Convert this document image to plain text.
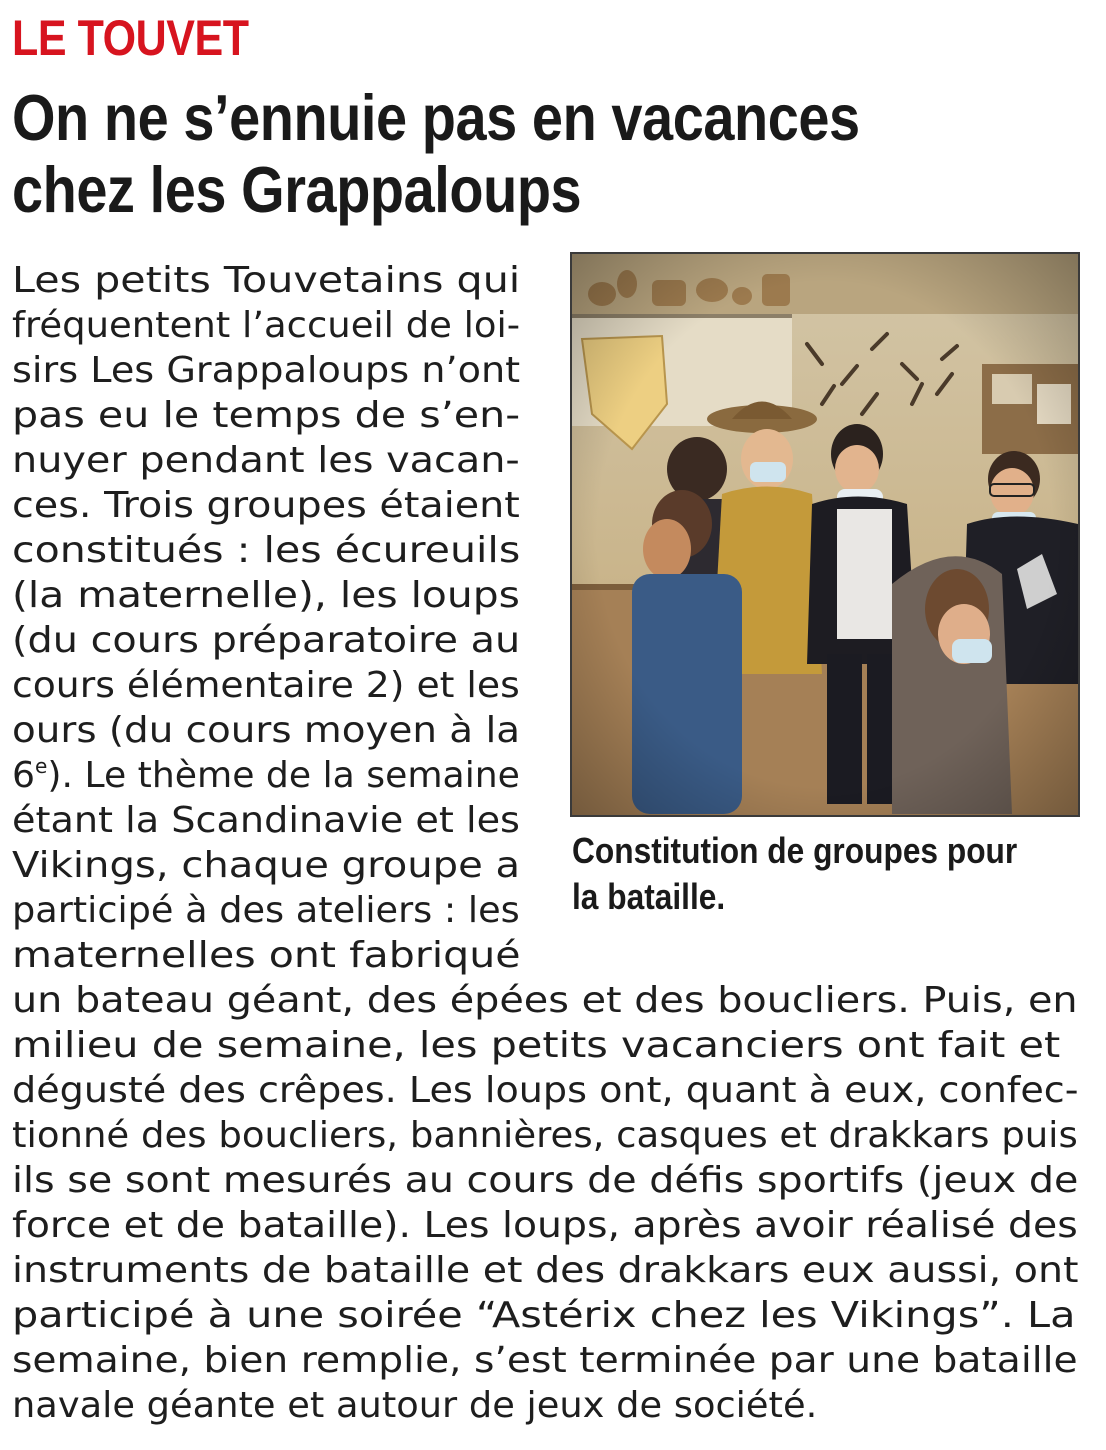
LE TOUVET
On ne s’ennuie pas en vacances
chez les Grappaloups
Les petits Touvetains qui
fréquentent l’accueil de loi-
sirs Les Grappaloups n’ont
pas eu le temps de s’en-
nuyer pendant les vacan-
ces. Trois groupes étaient
constitués : les écureuils
(la maternelle), les loups
(du cours préparatoire au
cours élémentaire 2) et les
ours (du cours moyen à la
6e). Le thème de la semaine
étant la Scandinavie et les
Vikings, chaque groupe a
participé à des ateliers : les
maternelles ont fabriqué
un bateau géant, des épées et des boucliers. Puis, en
milieu de semaine, les petits vacanciers ont fait et
dégusté des crêpes. Les loups ont, quant à eux, confec-
tionné des boucliers, bannières, casques et drakkars puis
ils se sont mesurés au cours de défis sportifs (jeux de
force et de bataille). Les loups, après avoir réalisé des
instruments de bataille et des drakkars eux aussi, ont
participé à une soirée “Astérix chez les Vikings”. La
semaine, bien remplie, s’est terminée par une bataille
navale géante et autour de jeux de société.
Constitution de groupes pour
la bataille.
